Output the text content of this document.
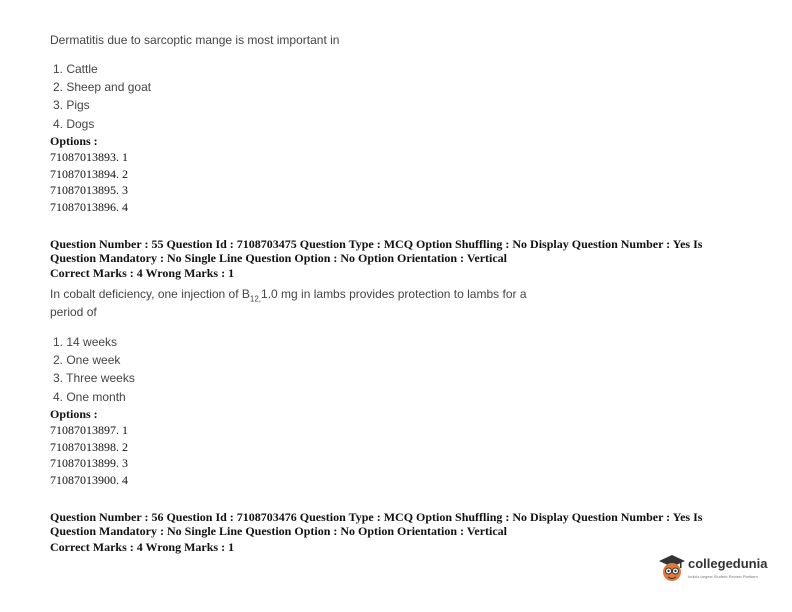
Dermatitis due to sarcoptic mange is most important in
1. Cattle
2. Sheep and goat
3. Pigs
4. Dogs
Options :
71087013893. 1
71087013894. 2
71087013895. 3
71087013896. 4
Question Number : 55 Question Id : 7108703475 Question Type : MCQ Option Shuffling : No Display Question Number : Yes Is
Question Mandatory : No Single Line Question Option : No Option Orientation : Vertical
Correct Marks : 4 Wrong Marks : 1
In cobalt deficiency, one injection of $B_{12,}1.0$ mg in lambs provides protection to lambs for a
period of
1. 14 weeks
2. One week
3. Three weeks
4. One month
Options :
71087013897. 1
71087013898. 2
71087013899. 3
71087013900. 4
Question Number : 56 Question Id : 7108703476 Question Type : MCQ Option Shuffling : No Display Question Number : Yes Is
Question Mandatory : No Single Line Question Option : No Option Orientation : Vertical
Correct Marks : 4 Wrong Marks : 1
collegedunia
India's largest Student Review Platform
